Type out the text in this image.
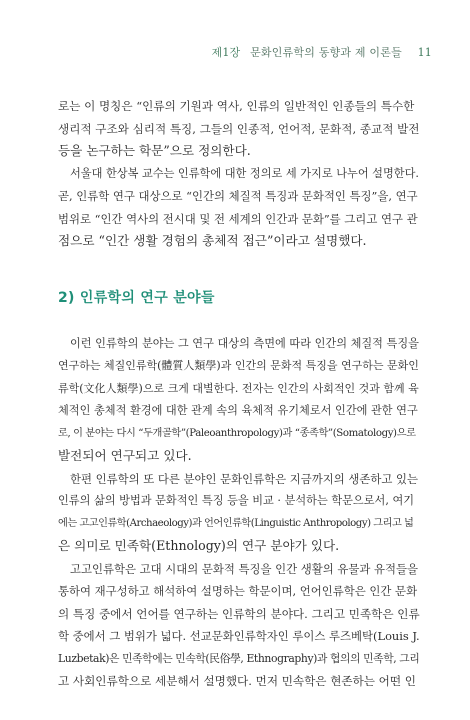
제1장 문화인류학의 동향과 제 이론들 11

로는 이 명칭은 “인류의 기원과 역사, 인류의 일반적인 인종들의 특수한
생리적 구조와 심리적 특징, 그들의 인종적, 언어적, 문화적, 종교적 발전
등을 논구하는 학문”으로 정의한다.

서울대 한상복 교수는 인류학에 대한 정의로 세 가지로 나누어 설명한다.
곧, 인류학 연구 대상으로 “인간의 체질적 특징과 문화적인 특징”을, 연구
범위로 “인간 역사의 전시대 및 전 세계의 인간과 문화”를 그리고 연구 관
점으로 “인간 생활 경험의 총체적 접근”이라고 설명했다.

2) 인류학의 연구 분야들

이런 인류학의 분야는 그 연구 대상의 측면에 따라 인간의 체질적 특징을
연구하는 체질인류학(體質人類學)과 인간의 문화적 특징을 연구하는 문화인
류학(文化人類學)으로 크게 대별한다. 전자는 인간의 사회적인 것과 함께 육
체적인 총체적 환경에 대한 관계 속의 육체적 유기체로서 인간에 관한 연구
로, 이 분야는 다시 “두개골학”(Paleoanthropology)과 “종족학”(Somatology)으로
발전되어 연구되고 있다.

한편 인류학의 또 다른 분야인 문화인류학은 지금까지의 생존하고 있는
인류의 삶의 방법과 문화적인 특징 등을 비교 · 분석하는 학문으로서, 여기
에는 고고인류학(Archaeology)과 언어인류학(Linguistic Anthropology) 그리고 넓
은 의미로 민족학(Ethnology)의 연구 분야가 있다.

고고인류학은 고대 시대의 문화적 특징을 인간 생활의 유물과 유적들을
통하여 재구성하고 해석하여 설명하는 학문이며, 언어인류학은 인간 문화
의 특징 중에서 언어를 연구하는 인류학의 분야다. 그리고 민족학은 인류
학 중에서 그 범위가 넓다. 선교문화인류학자인 루이스 루즈베탁(Louis J.
Luzbetak)은 민족학에는 민속학(民俗學, Ethnography)과 협의의 민족학, 그리
고 사회인류학으로 세분해서 설명했다. 먼저 민속학은 현존하는 어떤 인
